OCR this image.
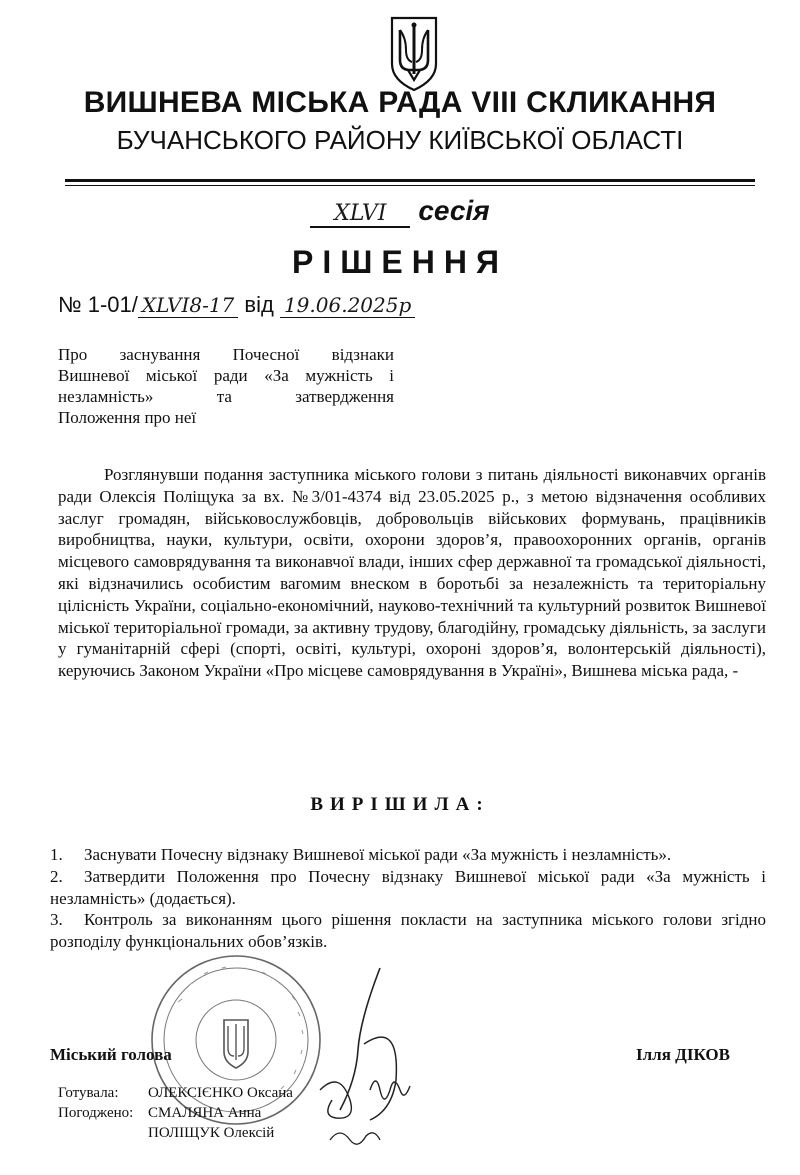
ВИШНЕВА МІСЬКА РАДА VIII СКЛИКАННЯ
БУЧАНСЬКОГО РАЙОНУ КИЇВСЬКОЇ ОБЛАСТІ
XLVI сесія
РІШЕННЯ
№ 1-01/ XLVI8-17 від 19.06.2025р
Про заснування Почесної відзнаки
Вишневої міської ради «За мужність і
незламність» та затвердження
Положення про неї

Розглянувши подання заступника міського голови з питань діяльності виконавчих органів ради Олексія Поліщука за вх. №3/01-4374 від 23.05.2025 р., з метою відзначення особливих заслуг громадян, військовослужбовців, добровольців військових формувань, працівників виробництва, науки, культури, освіти, охорони здоров’я, правоохоронних органів, органів місцевого самоврядування та виконавчої влади, інших сфер державної та громадської діяльності, які відзначились особистим вагомим внеском в боротьбі за незалежність та територіальну цілісність України, соціально-економічний, науково-технічний та культурний розвиток Вишневої міської територіальної громади, за активну трудову, благодійну, громадську діяльність, за заслуги у гуманітарній сфері (спорті, освіті, культурі, охороні здоров’я, волонтерській діяльності), керуючись Законом України «Про місцеве самоврядування в Україні», Вишнева міська рада, -

ВИРІШИЛА:

1. Заснувати Почесну відзнаку Вишневої міської ради «За мужність і незламність».

2. Затвердити Положення про Почесну відзнаку Вишневої міської ради «За мужність і незламність» (додається).

3. Контроль за виконанням цього рішення покласти на заступника міського голови згідно розподілу функціональних обов’язків.

Міський голова	Ілля ДІКОВ
Готувала: ОЛЕКСІЄНКО Оксана
Погоджено: СМАЛЯНА Анна
ПОЛІЩУК Олексій
